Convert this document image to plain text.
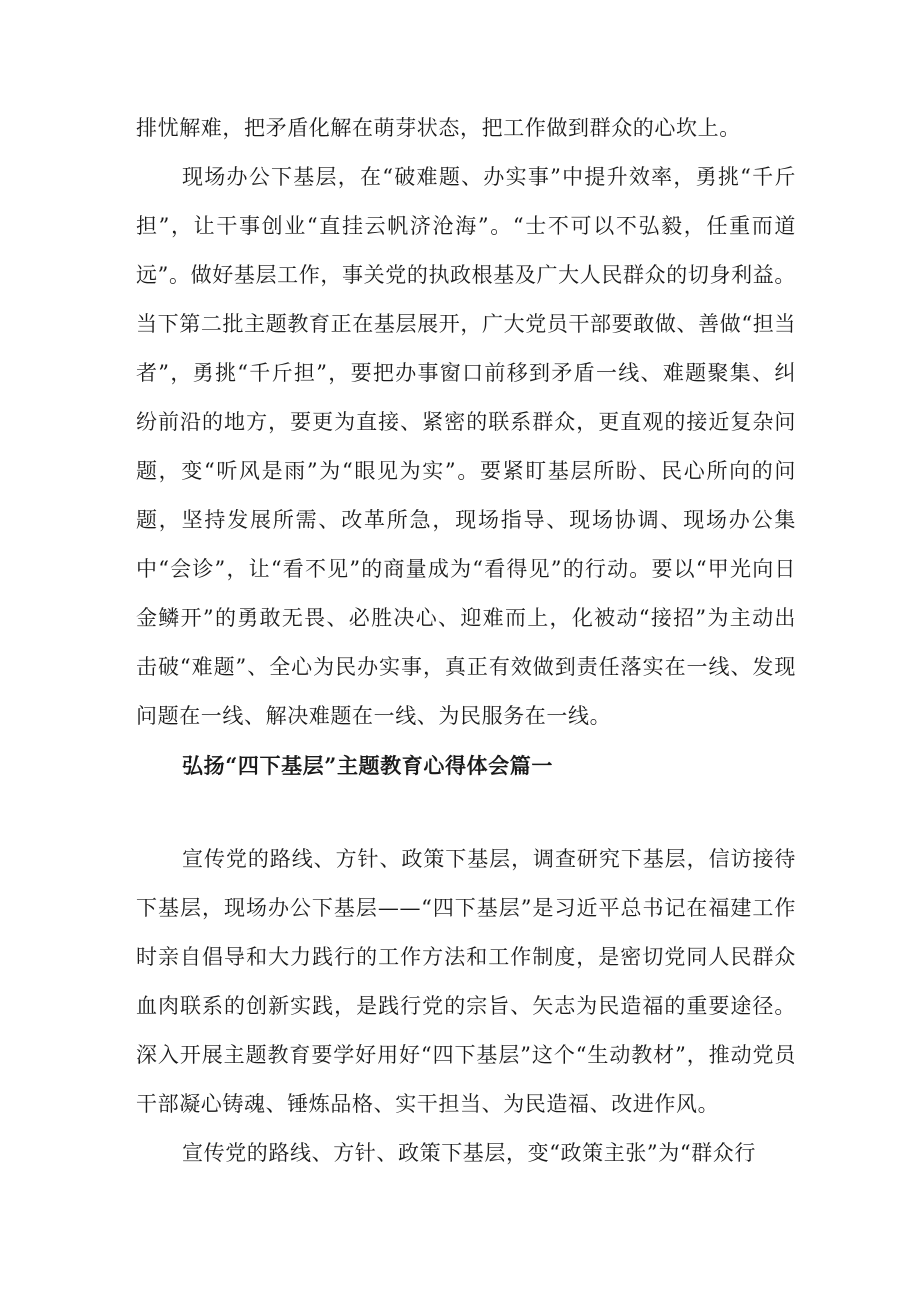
排忧解难，把矛盾化解在萌芽状态，把工作做到群众的心坎上。

现场办公下基层，在“破难题、办实事”中提升效率，勇挑“千斤担”，让干事创业“直挂云帆济沧海”。“士不可以不弘毅，任重而道远”。做好基层工作，事关党的执政根基及广大人民群众的切身利益。当下第二批主题教育正在基层展开，广大党员干部要敢做、善做“担当者”，勇挑“千斤担”，要把办事窗口前移到矛盾一线、难题聚集、纠纷前沿的地方，要更为直接、紧密的联系群众，更直观的接近复杂问题，变“听风是雨”为“眼见为实”。要紧盯基层所盼、民心所向的问题，坚持发展所需、改革所急，现场指导、现场协调、现场办公集中“会诊”，让“看不见”的商量成为“看得见”的行动。要以“甲光向日金鳞开”的勇敢无畏、必胜决心、迎难而上，化被动“接招”为主动出击破“难题”、全心为民办实事，真正有效做到责任落实在一线、发现问题在一线、解决难题在一线、为民服务在一线。

弘扬“四下基层”主题教育心得体会篇一

宣传党的路线、方针、政策下基层，调查研究下基层，信访接待下基层，现场办公下基层——“四下基层”是习近平总书记在福建工作时亲自倡导和大力践行的工作方法和工作制度，是密切党同人民群众血肉联系的创新实践，是践行党的宗旨、矢志为民造福的重要途径。深入开展主题教育要学好用好“四下基层”这个“生动教材”，推动党员干部凝心铸魂、锤炼品格、实干担当、为民造福、改进作风。

宣传党的路线、方针、政策下基层，变“政策主张”为“群众行
